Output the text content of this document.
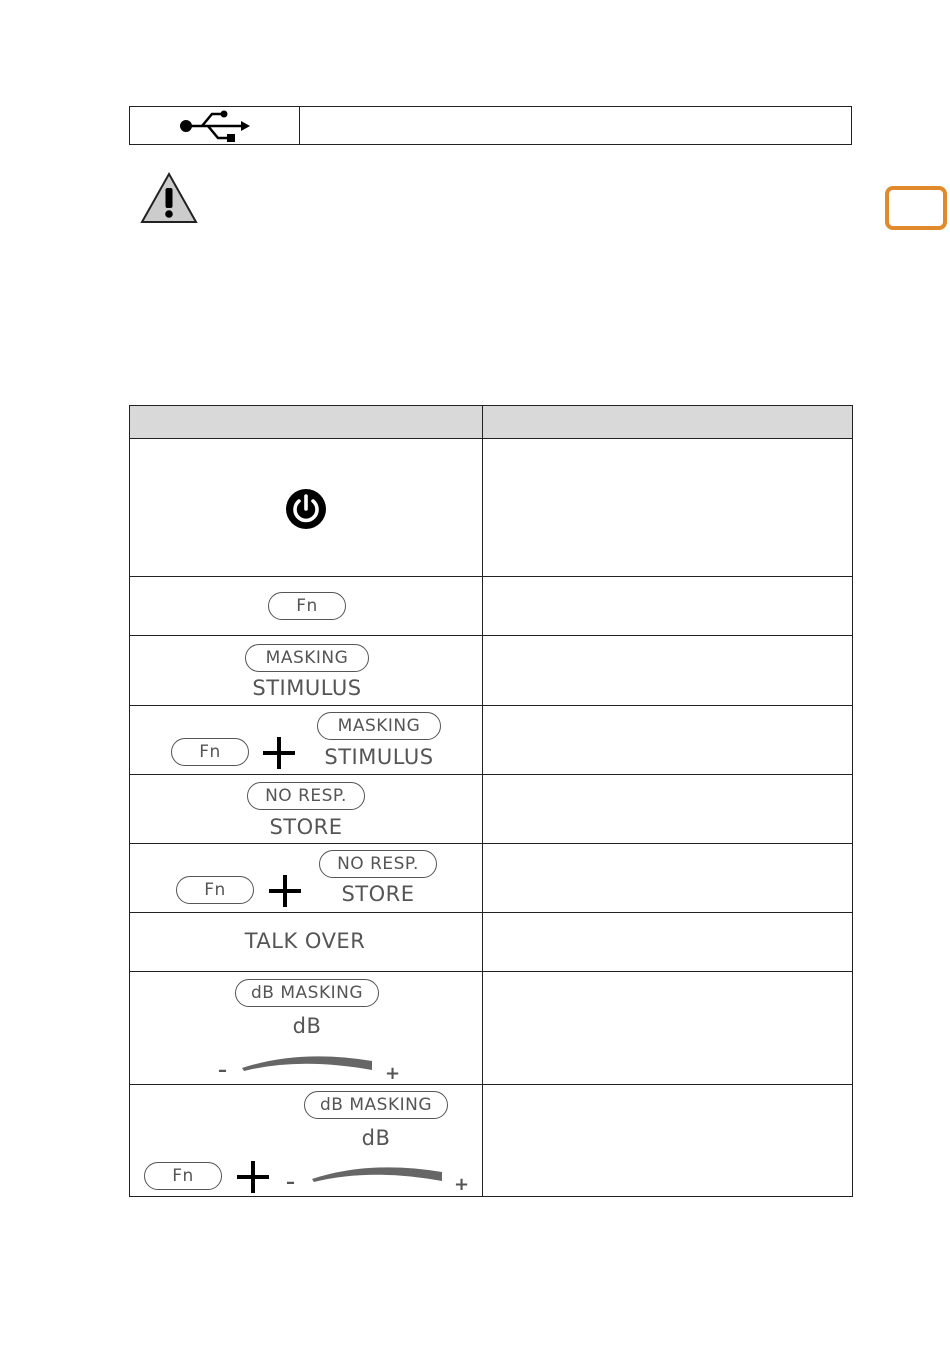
Fn
MASKING
STIMULUS
Fn
MASKING
STIMULUS
NO RESP.
STORE
Fn
NO RESP.
STORE
TALK OVER
dB MASKING
dB
–	+
Fn
dB MASKING
dB
–	+
